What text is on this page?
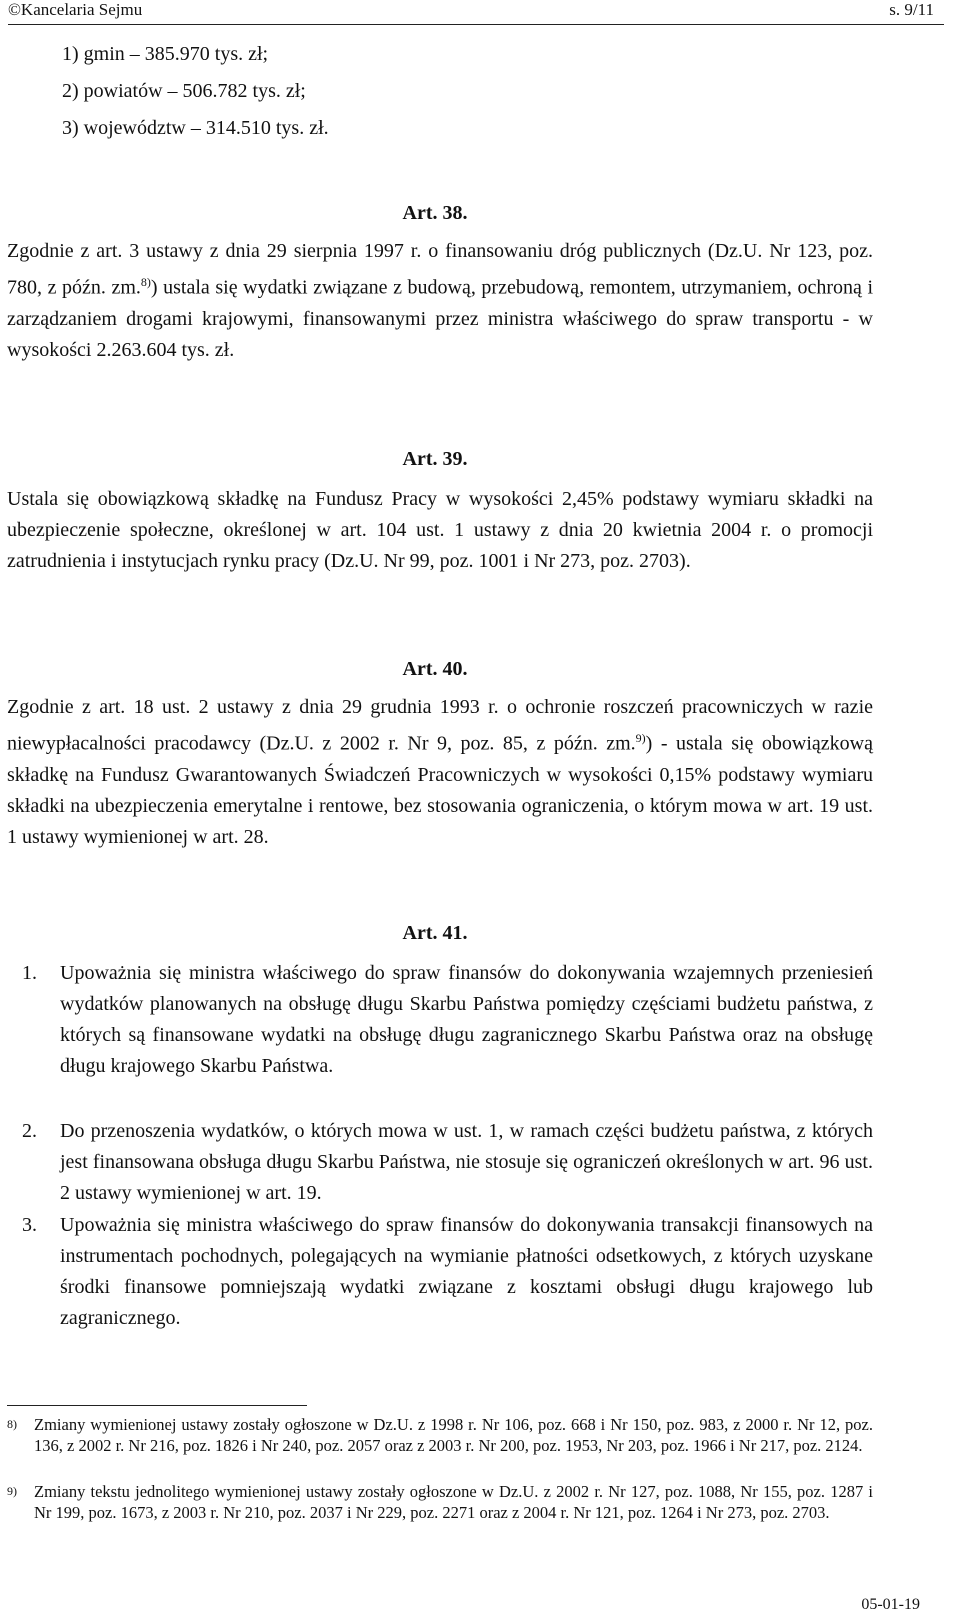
©Kancelaria Sejmu	s. 9/11
1) gmin – 385.970 tys. zł;
2) powiatów – 506.782 tys. zł;
3) województw – 314.510 tys. zł.
Art. 38.
Zgodnie z art. 3 ustawy z dnia 29 sierpnia 1997 r. o finansowaniu dróg publicznych (Dz.U. Nr 123, poz. 780, z późn. zm.$^{8)}$) ustala się wydatki związane z budową, przebudową, remontem, utrzymaniem, ochroną i zarządzaniem drogami krajowymi, finansowanymi przez ministra właściwego do spraw transportu - w wysokości 2.263.604 tys. zł.
Art. 39.
Ustala się obowiązkową składkę na Fundusz Pracy w wysokości 2,45% podstawy wymiaru składki na ubezpieczenie społeczne, określonej w art. 104 ust. 1 ustawy z dnia 20 kwietnia 2004 r. o promocji zatrudnienia i instytucjach rynku pracy (Dz.U. Nr 99, poz. 1001 i Nr 273, poz. 2703).
Art. 40.
Zgodnie z art. 18 ust. 2 ustawy z dnia 29 grudnia 1993 r. o ochronie roszczeń pracowniczych w razie niewypłacalności pracodawcy (Dz.U. z 2002 r. Nr 9, poz. 85, z późn. zm.$^{9)}$) - ustala się obowiązkową składkę na Fundusz Gwarantowanych Świadczeń Pracowniczych w wysokości 0,15% podstawy wymiaru składki na ubezpieczenia emerytalne i rentowe, bez stosowania ograniczenia, o którym mowa w art. 19 ust. 1 ustawy wymienionej w art. 28.
Art. 41.
1. Upoważnia się ministra właściwego do spraw finansów do dokonywania wzajemnych przeniesień wydatków planowanych na obsługę długu Skarbu Państwa pomiędzy częściami budżetu państwa, z których są finansowane wydatki na obsługę długu zagranicznego Skarbu Państwa oraz na obsługę długu krajowego Skarbu Państwa.
2. Do przenoszenia wydatków, o których mowa w ust. 1, w ramach części budżetu państwa, z których jest finansowana obsługa długu Skarbu Państwa, nie stosuje się ograniczeń określonych w art. 96 ust. 2 ustawy wymienionej w art. 19.
3. Upoważnia się ministra właściwego do spraw finansów do dokonywania transakcji finansowych na instrumentach pochodnych, polegających na wymianie płatności odsetkowych, z których uzyskane środki finansowe pomniejszają wydatki związane z kosztami obsługi długu krajowego lub zagranicznego.
8) Zmiany wymienionej ustawy zostały ogłoszone w Dz.U. z 1998 r. Nr 106, poz. 668 i Nr 150, poz. 983, z 2000 r. Nr 12, poz. 136, z 2002 r. Nr 216, poz. 1826 i Nr 240, poz. 2057 oraz z 2003 r. Nr 200, poz. 1953, Nr 203, poz. 1966 i Nr 217, poz. 2124.
9) Zmiany tekstu jednolitego wymienionej ustawy zostały ogłoszone w Dz.U. z 2002 r. Nr 127, poz. 1088, Nr 155, poz. 1287 i Nr 199, poz. 1673, z 2003 r. Nr 210, poz. 2037 i Nr 229, poz. 2271 oraz z 2004 r. Nr 121, poz. 1264 i Nr 273, poz. 2703.
05-01-19
